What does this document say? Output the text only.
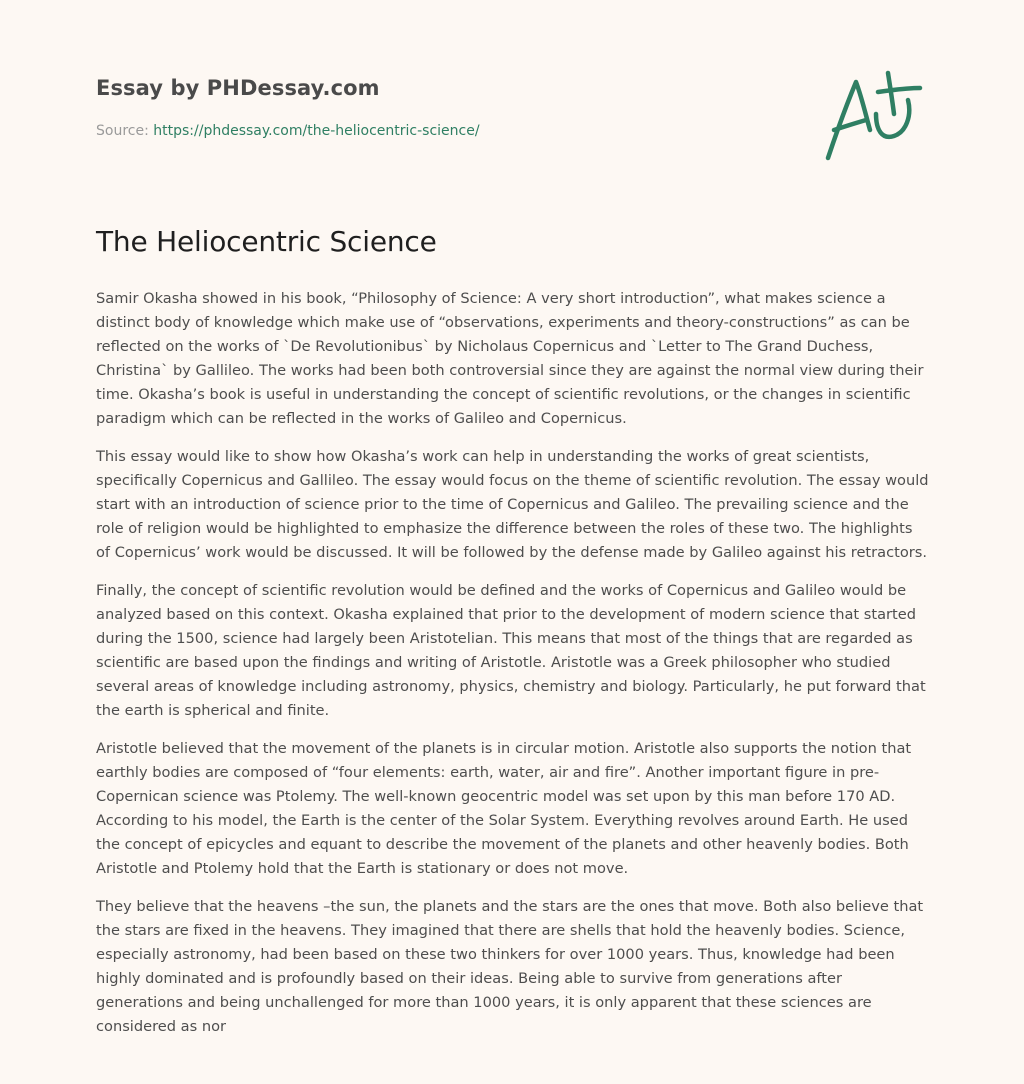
Essay by PHDessay.com

Source: https://phdessay.com/the-heliocentric-science/

The Heliocentric Science

Samir Okasha showed in his book, “Philosophy of Science: A very short introduction”, what makes science a distinct body of knowledge which make use of “observations, experiments and theory-constructions” as can be reflected on the works of `De Revolutionibus` by Nicholaus Copernicus and `Letter to The Grand Duchess, Christina` by Gallileo. The works had been both controversial since they are against the normal view during their time. Okasha’s book is useful in understanding the concept of scientific revolutions, or the changes in scientific paradigm which can be reflected in the works of Galileo and Copernicus.

This essay would like to show how Okasha’s work can help in understanding the works of great scientists, specifically Copernicus and Gallileo. The essay would focus on the theme of scientific revolution. The essay would start with an introduction of science prior to the time of Copernicus and Galileo. The prevailing science and the role of religion would be highlighted to emphasize the difference between the roles of these two. The highlights of Copernicus’ work would be discussed. It will be followed by the defense made by Galileo against his retractors.

Finally, the concept of scientific revolution would be defined and the works of Copernicus and Galileo would be analyzed based on this context. Okasha explained that prior to the development of modern science that started during the 1500, science had largely been Aristotelian. This means that most of the things that are regarded as scientific are based upon the findings and writing of Aristotle. Aristotle was a Greek philosopher who studied several areas of knowledge including astronomy, physics, chemistry and biology. Particularly, he put forward that the earth is spherical and finite.

Aristotle believed that the movement of the planets is in circular motion. Aristotle also supports the notion that earthly bodies are composed of “four elements: earth, water, air and fire”. Another important figure in pre-Copernican science was Ptolemy. The well-known geocentric model was set upon by this man before 170 AD. According to his model, the Earth is the center of the Solar System. Everything revolves around Earth. He used the concept of epicycles and equant to describe the movement of the planets and other heavenly bodies. Both Aristotle and Ptolemy hold that the Earth is stationary or does not move.

They believe that the heavens –the sun, the planets and the stars are the ones that move. Both also believe that the stars are fixed in the heavens. They imagined that there are shells that hold the heavenly bodies. Science, especially astronomy, had been based on these two thinkers for over 1000 years. Thus, knowledge had been highly dominated and is profoundly based on their ideas. Being able to survive from generations after generations and being unchallenged for more than 1000 years, it is only apparent that these sciences are considered as nor
